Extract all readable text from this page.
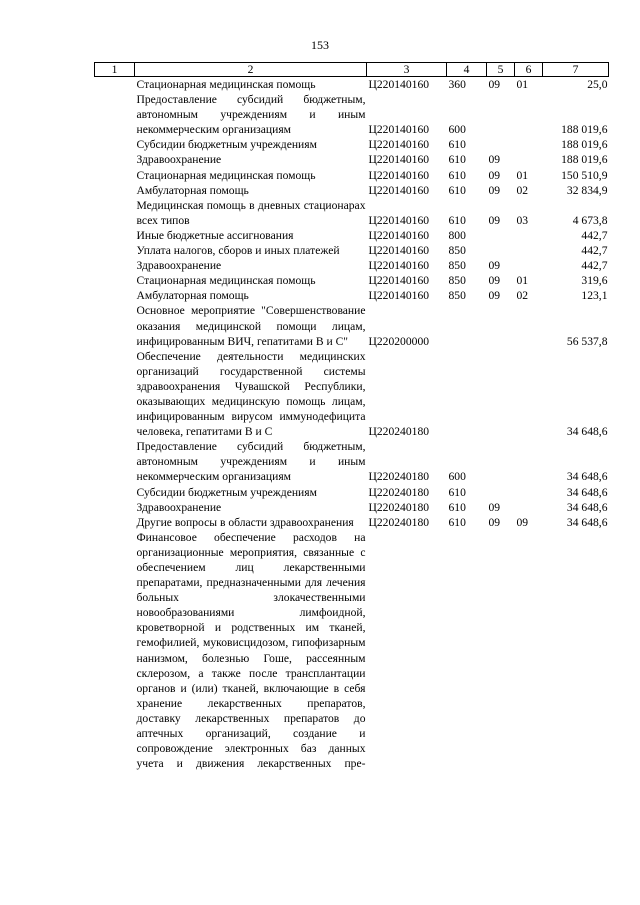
153
1	2	3	4	5	6	7
	Стационарная медицинская помощь	Ц220140160	360	09	01	25,0
	Предоставление субсидий бюджетным, автономным учреждениям и иным некоммерческим организациям	Ц220140160	600			188 019,6
	Субсидии бюджетным учреждениям	Ц220140160	610			188 019,6
	Здравоохранение	Ц220140160	610	09		188 019,6
	Стационарная медицинская помощь	Ц220140160	610	09	01	150 510,9
	Амбулаторная помощь	Ц220140160	610	09	02	32 834,9
	Медицинская помощь в дневных стационарах всех типов	Ц220140160	610	09	03	4 673,8
	Иные бюджетные ассигнования	Ц220140160	800			442,7
	Уплата налогов, сборов и иных платежей	Ц220140160	850			442,7
	Здравоохранение	Ц220140160	850	09		442,7
	Стационарная медицинская помощь	Ц220140160	850	09	01	319,6
	Амбулаторная помощь	Ц220140160	850	09	02	123,1
	Основное мероприятие "Совершенствование оказания медицинской помощи лицам, инфицированным ВИЧ, гепатитами В и С"	Ц220200000				56 537,8
	Обеспечение деятельности медицинских организаций государственной системы здравоохранения Чувашской Республики, оказывающих медицинскую помощь лицам, инфицированным вирусом иммунодефицита человека, гепатитами В и С	Ц220240180				34 648,6
	Предоставление субсидий бюджетным, автономным учреждениям и иным некоммерческим организациям	Ц220240180	600			34 648,6
	Субсидии бюджетным учреждениям	Ц220240180	610			34 648,6
	Здравоохранение	Ц220240180	610	09		34 648,6
	Другие вопросы в области здравоохранения	Ц220240180	610	09	09	34 648,6
	Финансовое обеспечение расходов на организационные мероприятия, связанные с обеспечением лиц лекарственными препаратами, предназначенными для лечения больных злокачественными новообразованиями лимфоидной, кроветворной и родственных им тканей, гемофилией, муковисцидозом, гипофизарным нанизмом, болезнью Гоше, рассеянным склерозом, а также после трансплантации органов и (или) тканей, включающие в себя хранение лекарственных препаратов, доставку лекарственных препаратов до аптечных организаций, создание и сопровождение электронных баз данных учета и движения лекарственных пре-					
